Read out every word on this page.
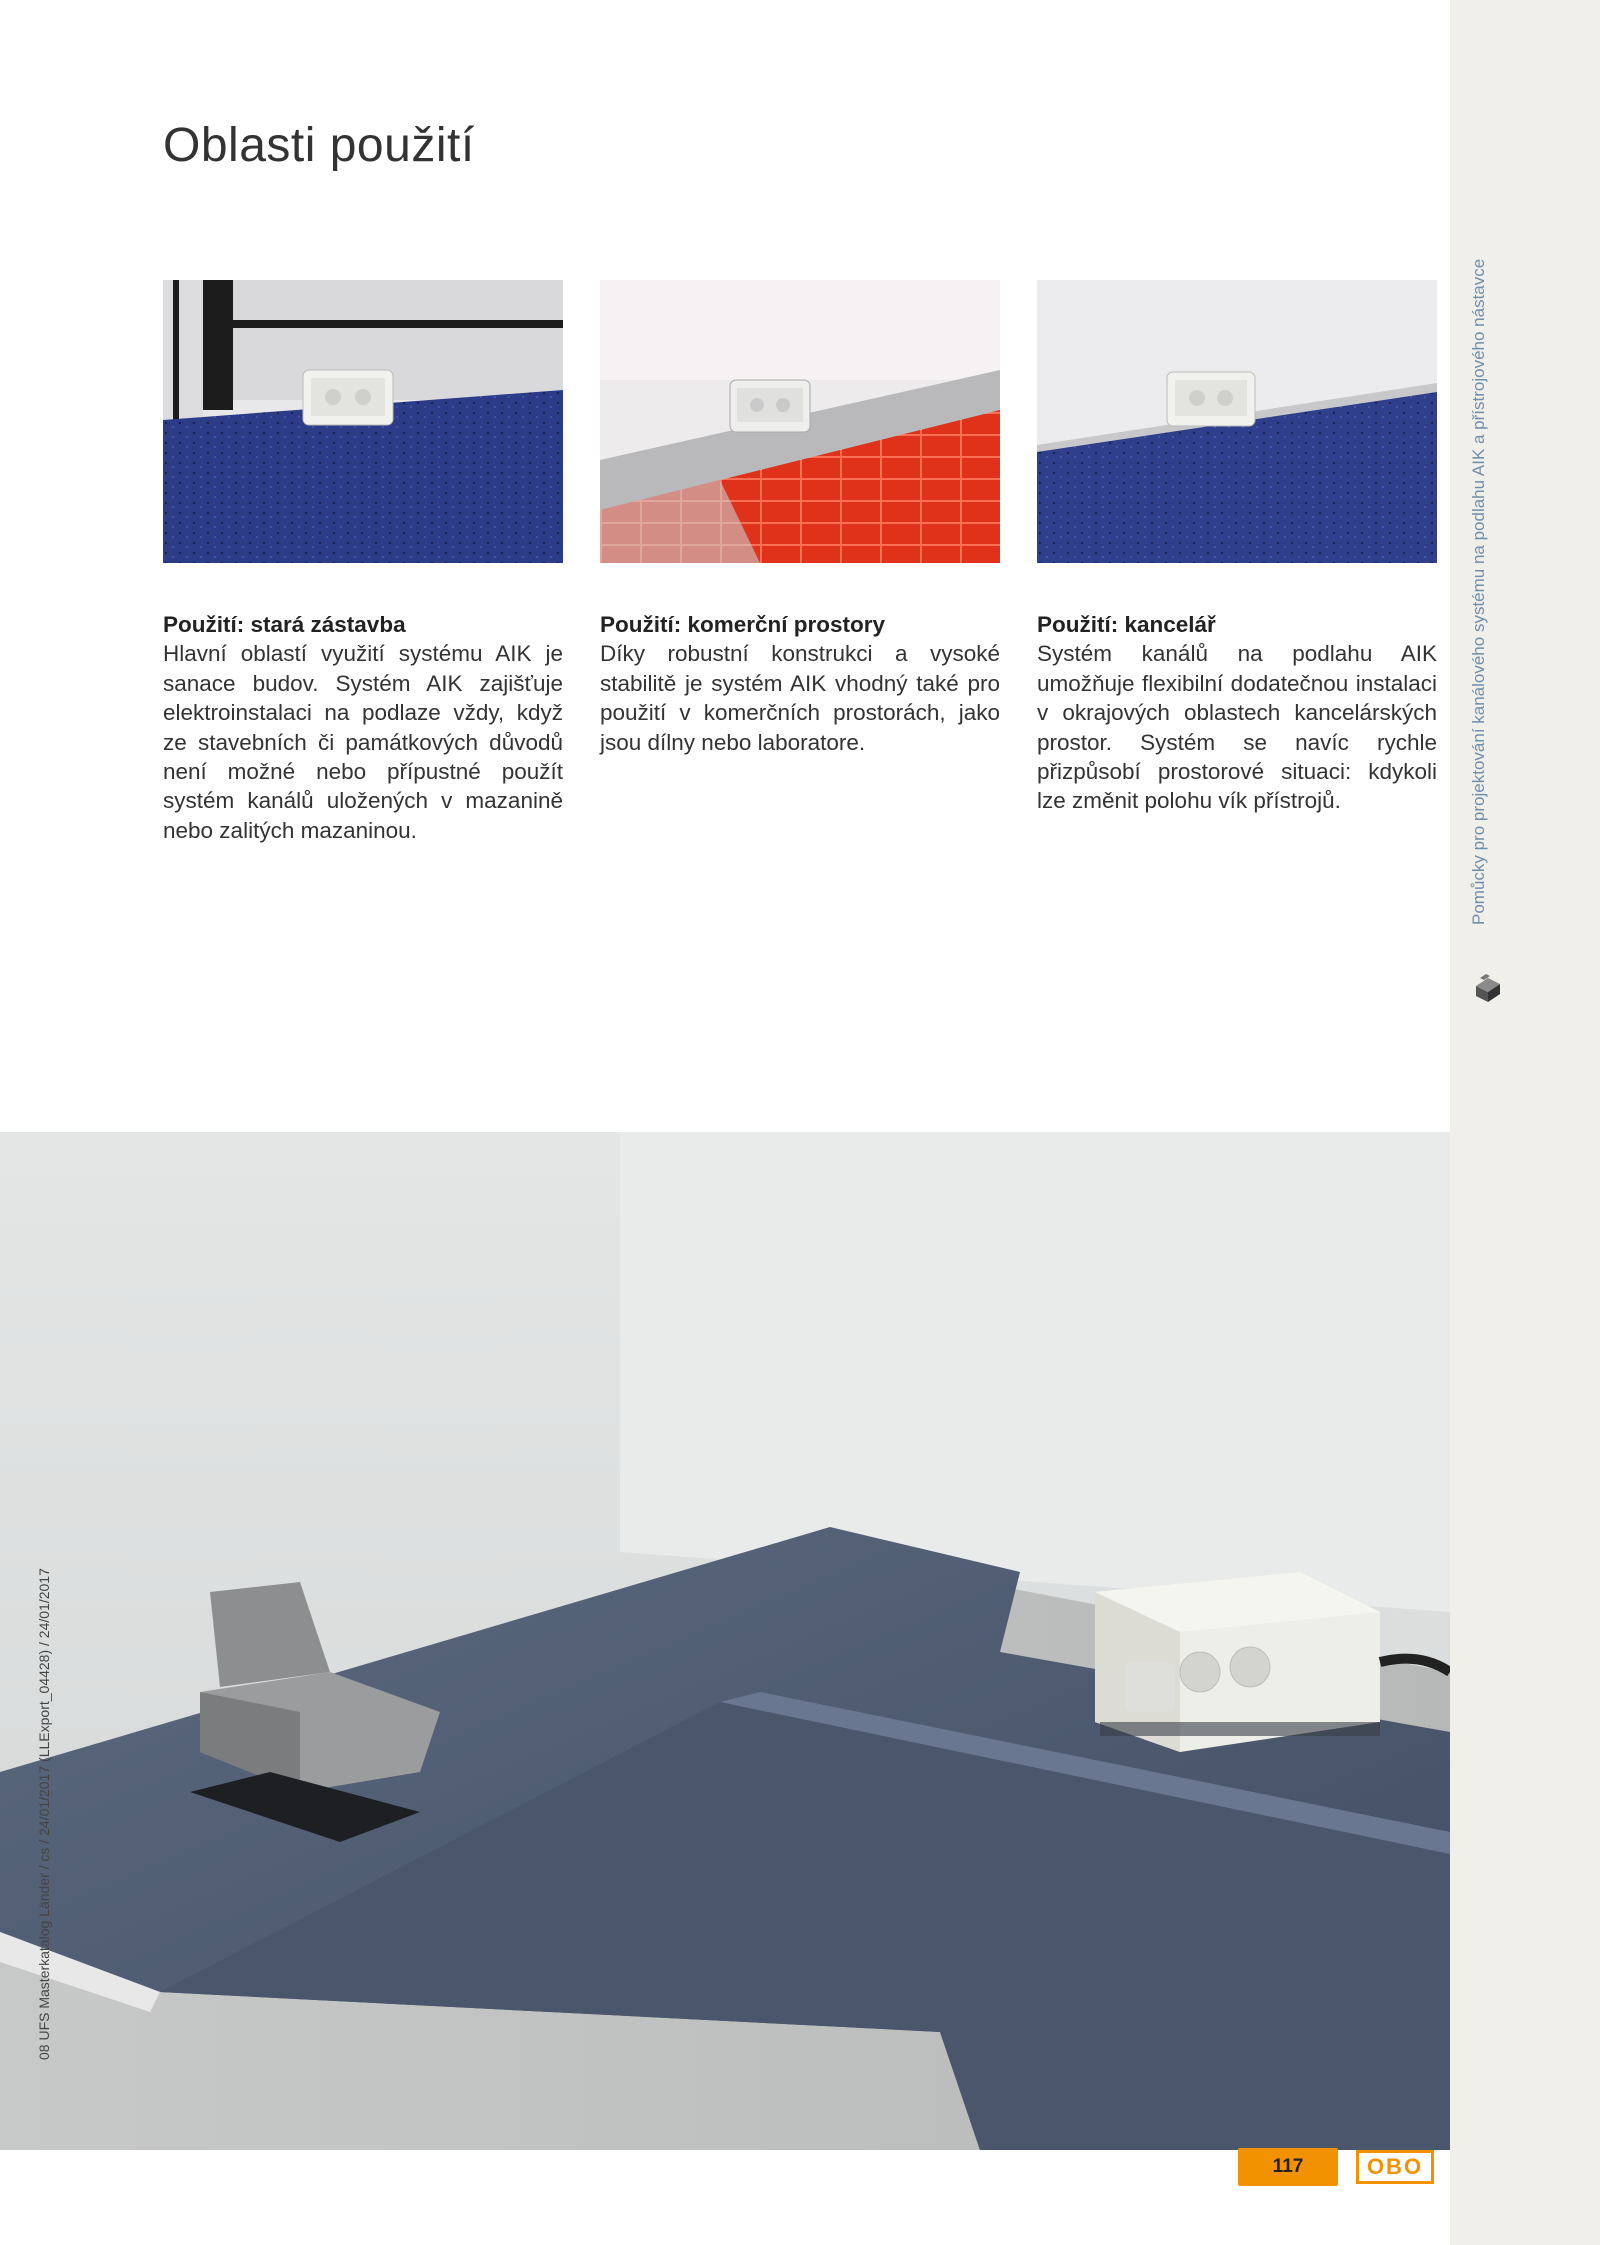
Pomůcky pro projektování kanálového systému na podlahu AIK a přístrojového nástavce
Oblasti použití
Použití: stará zástavba

Hlavní oblastí využití systému AIK je sanace budov. Systém AIK zajišťuje elektroinstalaci na podlaze vždy, když ze stavebních či památkových důvodů není možné nebo přípustné použít systém kanálů uložených v mazanině nebo zalitých mazaninou.

Použití: komerční prostory

Díky robustní konstrukci a vysoké stabilitě je systém AIK vhodný také pro použití v komerčních prostorách, jako jsou dílny nebo laboratore.

Použití: kancelář

Systém kanálů na podlahu AIK umožňuje flexibilní dodatečnou instalaci v okrajových oblastech kancelárských prostor. Systém se navíc rychle přizpůsobí prostorové situaci: kdykoli lze změnit polohu vík přístrojů.

08 UFS Masterkatalog Länder / cs / 24/01/2017 (LLExport_04428) / 24/01/2017
117	OBO
